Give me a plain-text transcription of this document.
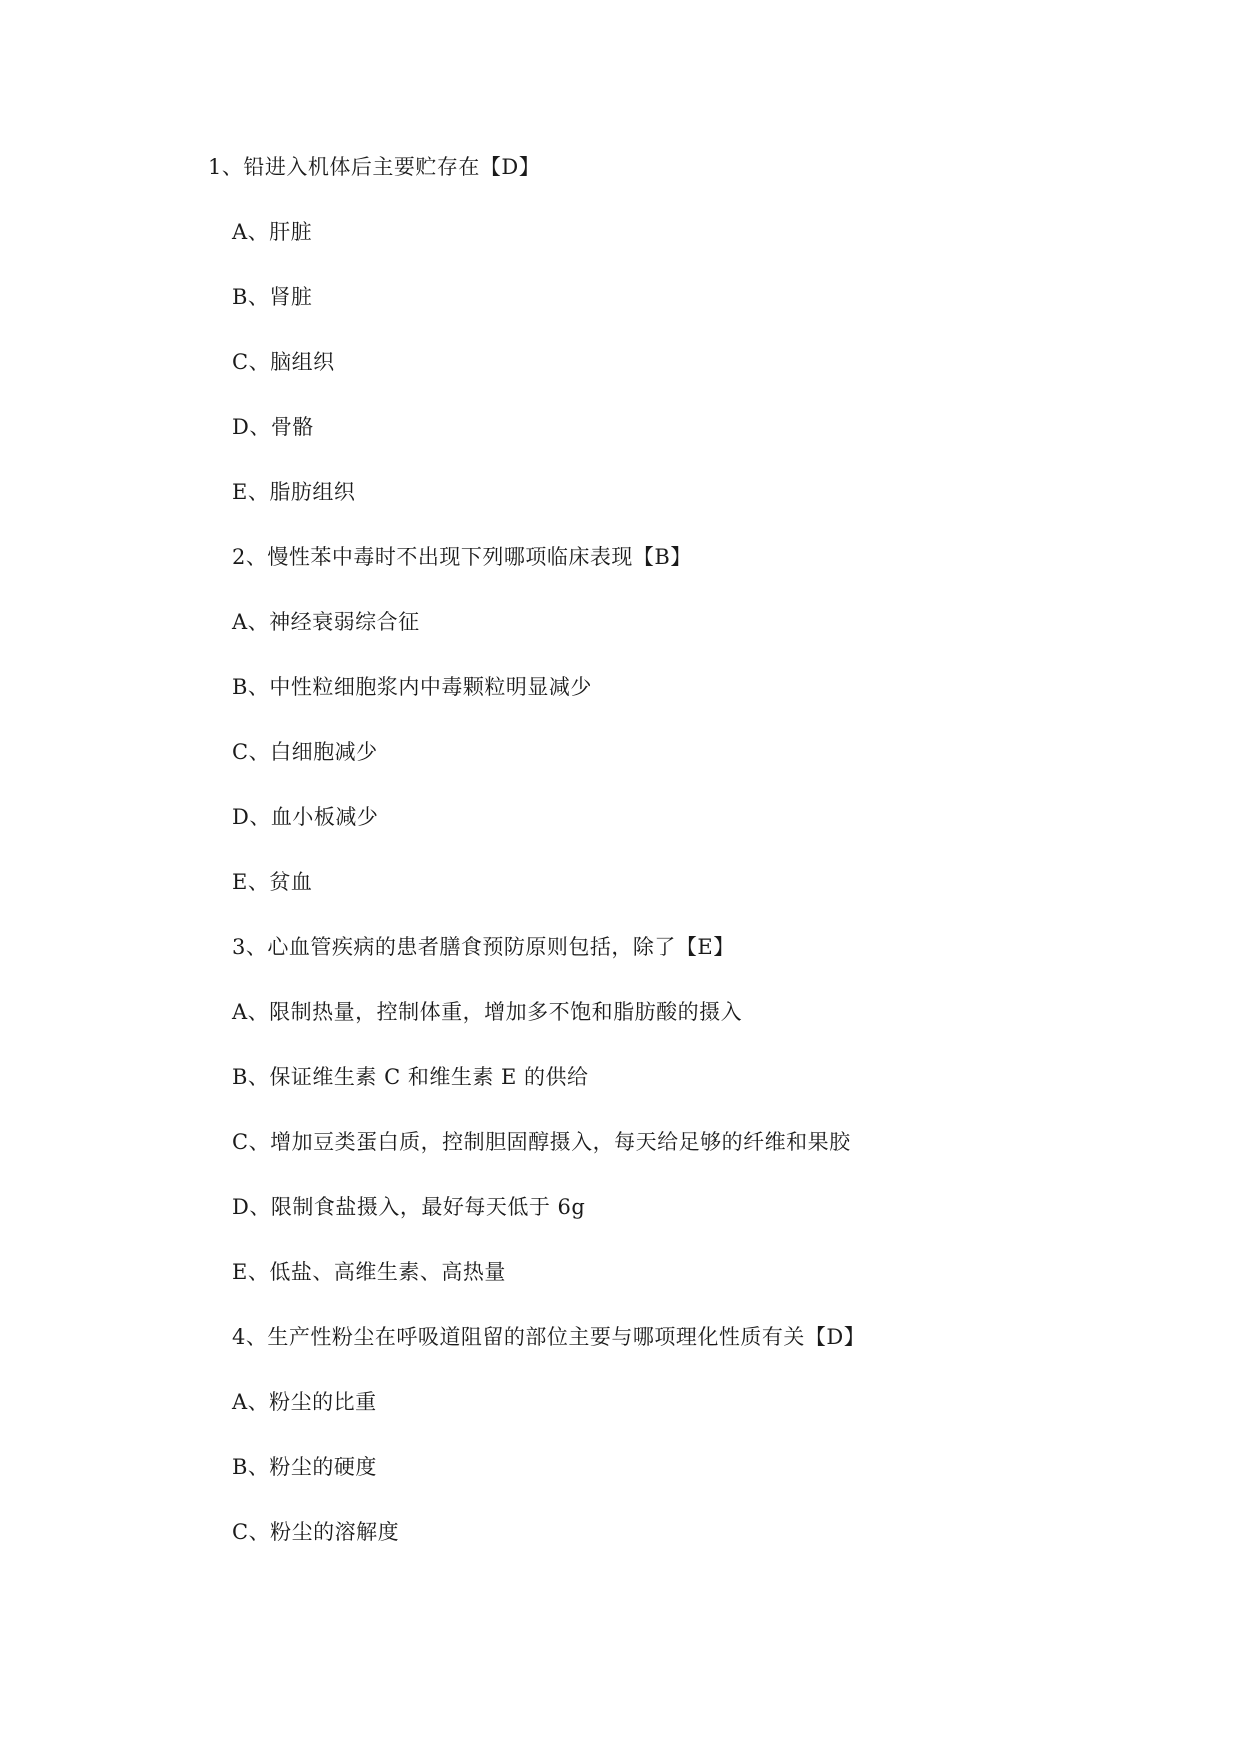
1、铅进入机体后主要贮存在【D】
A、肝脏
B、肾脏
C、脑组织
D、骨骼
E、脂肪组织
2、慢性苯中毒时不出现下列哪项临床表现【B】
A、神经衰弱综合征
B、中性粒细胞浆内中毒颗粒明显减少
C、白细胞减少
D、血小板减少
E、贫血
3、心血管疾病的患者膳食预防原则包括，除了【E】
A、限制热量，控制体重，增加多不饱和脂肪酸的摄入
B、保证维生素 C 和维生素 E 的供给
C、增加豆类蛋白质，控制胆固醇摄入，每天给足够的纤维和果胶
D、限制食盐摄入，最好每天低于 6g
E、低盐、高维生素、高热量
4、生产性粉尘在呼吸道阻留的部位主要与哪项理化性质有关【D】
A、粉尘的比重
B、粉尘的硬度
C、粉尘的溶解度
